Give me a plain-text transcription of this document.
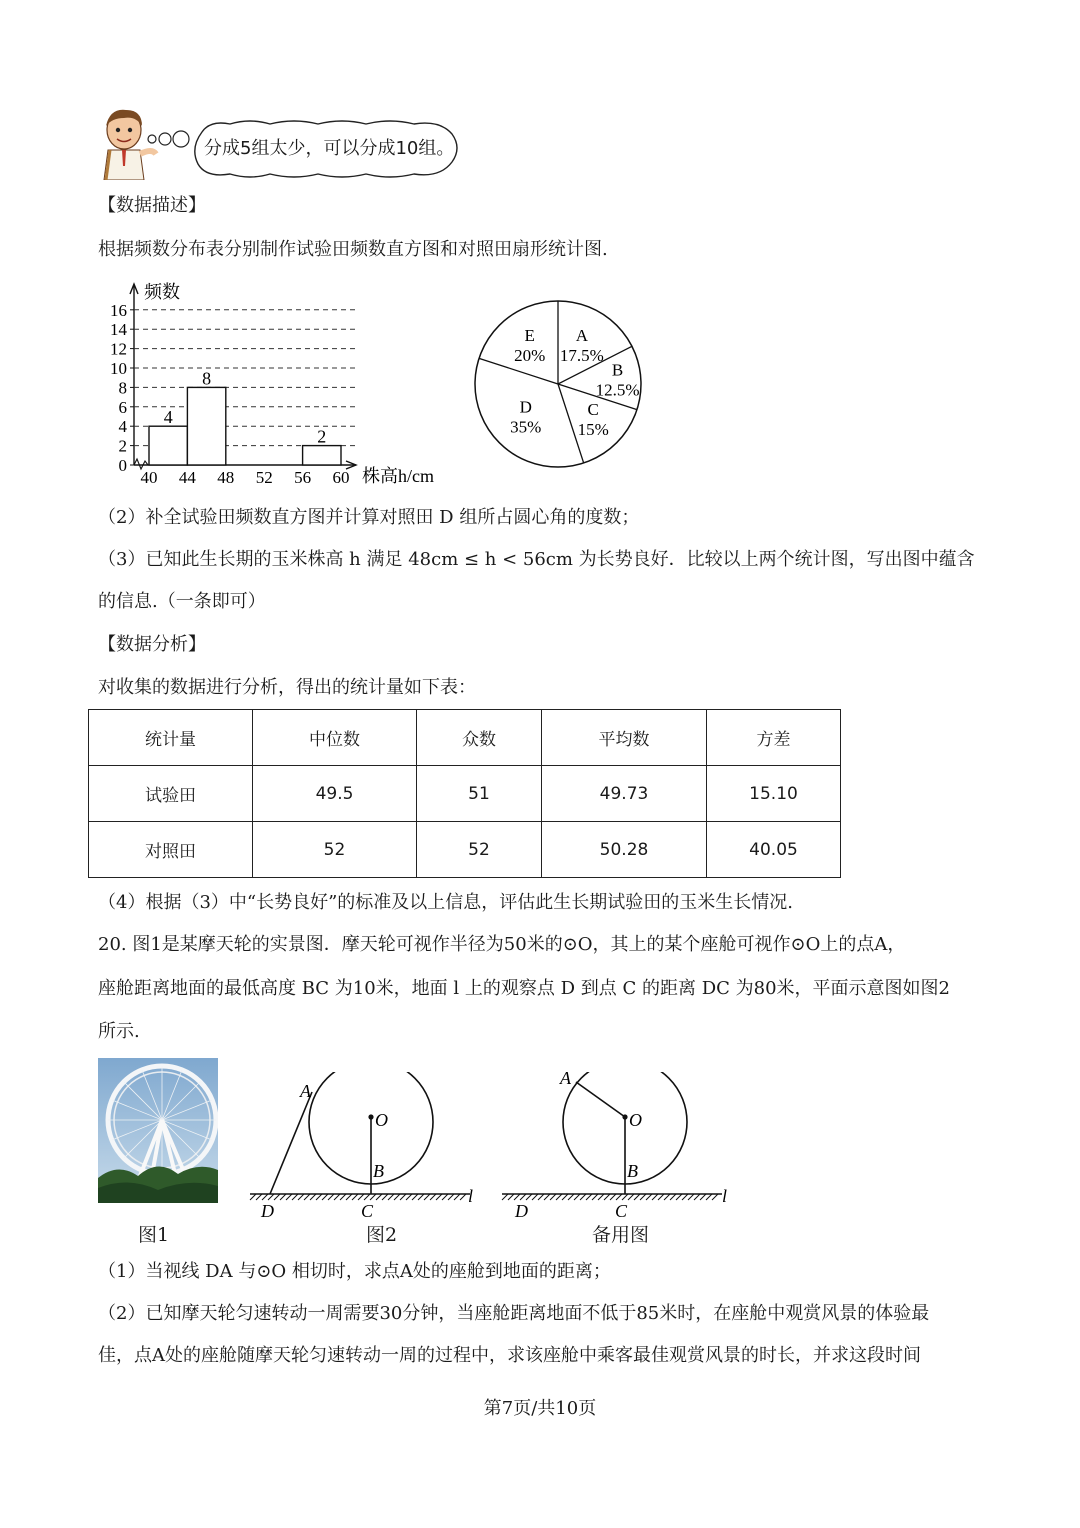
分成5组太少，可以分成10组。
【数据描述】
根据频数分布表分别制作试验田频数直方图和对照田扇形统计图.
0
2
4
6
8
10
12
14
16
频数
40 44 48 52 56 60 株高h/cm
4
8
2
A
17.5%
B
12.5%
C
15%
D
35%
E
20%
（2）补全试验田频数直方图并计算对照田 D 组所占圆心角的度数；
（3）已知此生长期的玉米株高 h 满足 48cm ≤ h < 56cm 为长势良好．比较以上两个统计图，写出图中蕴含
的信息.（一条即可）
【数据分析】
对收集的数据进行分析，得出的统计量如下表：
统计量	中位数	众数	平均数	方差
试验田	49.5	51	49.73	15.10
对照田	52	52	50.28	40.05
（4）根据（3）中“长势良好”的标准及以上信息，评估此生长期试验田的玉米生长情况.
20. 图1是某摩天轮的实景图．摩天轮可视作半径为50米的⊙O，其上的某个座舱可视作⊙O上的点A，
座舱距离地面的最低高度 BC 为10米，地面 l 上的观察点 D 到点 C 的距离 DC 为80米，平面示意图如图2
所示.
A
O
B
C
D
l
A
O
B
C
D
l
图1	图2	备用图
（1）当视线 DA 与⊙O 相切时，求点A处的座舱到地面的距离；
（2）已知摩天轮匀速转动一周需要30分钟，当座舱距离地面不低于85米时，在座舱中观赏风景的体验最
佳，点A处的座舱随摩天轮匀速转动一周的过程中，求该座舱中乘客最佳观赏风景的时长，并求这段时间
第7页/共10页
